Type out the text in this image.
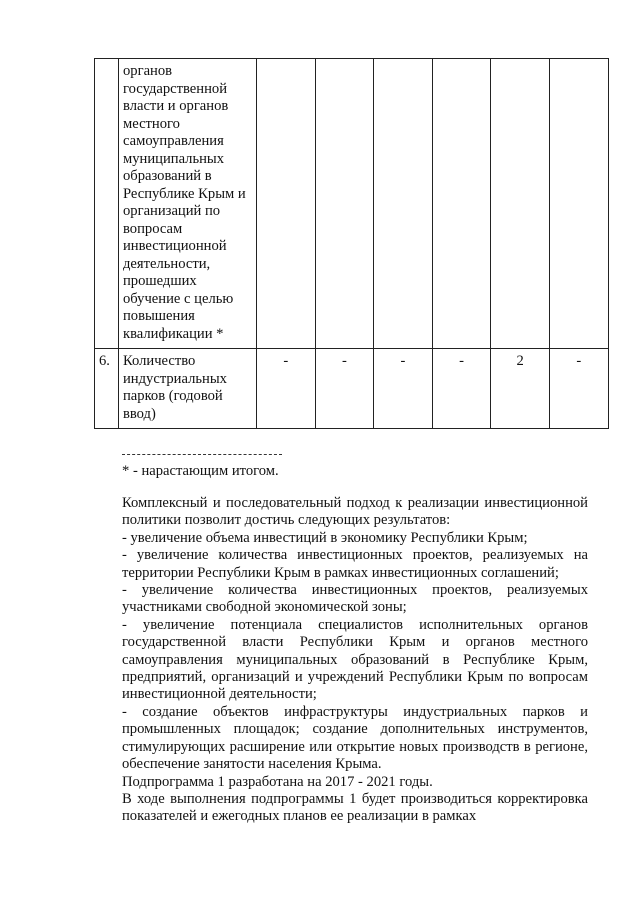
	органов государственной власти и органов местного самоуправления муниципальных образований в Республике Крым и организаций по вопросам инвестиционной деятельности, прошедших обучение с целью повышения квалификации *						
6.	Количество индустриальных парков (годовой ввод)	-	-	-	-	2	-
* - нарастающим итогом.

Комплексный и последовательный подход к реализации инвестиционной политики позволит достичь следующих результатов:

- увеличение объема инвестиций в экономику Республики Крым;

- увеличение количества инвестиционных проектов, реализуемых на территории Республики Крым в рамках инвестиционных соглашений;

- увеличение количества инвестиционных проектов, реализуемых участниками свободной экономической зоны;

- увеличение потенциала специалистов исполнительных органов государственной власти Республики Крым и органов местного самоуправления муниципальных образований в Республике Крым, предприятий, организаций и учреждений Республики Крым по вопросам инвестиционной деятельности;

- создание объектов инфраструктуры индустриальных парков и промышленных площадок; создание дополнительных инструментов, стимулирующих расширение или открытие новых производств в регионе, обеспечение занятости населения Крыма.

Подпрограмма 1 разработана на 2017 - 2021 годы.

В ходе выполнения подпрограммы 1 будет производиться корректировка показателей и ежегодных планов ее реализации в рамках
